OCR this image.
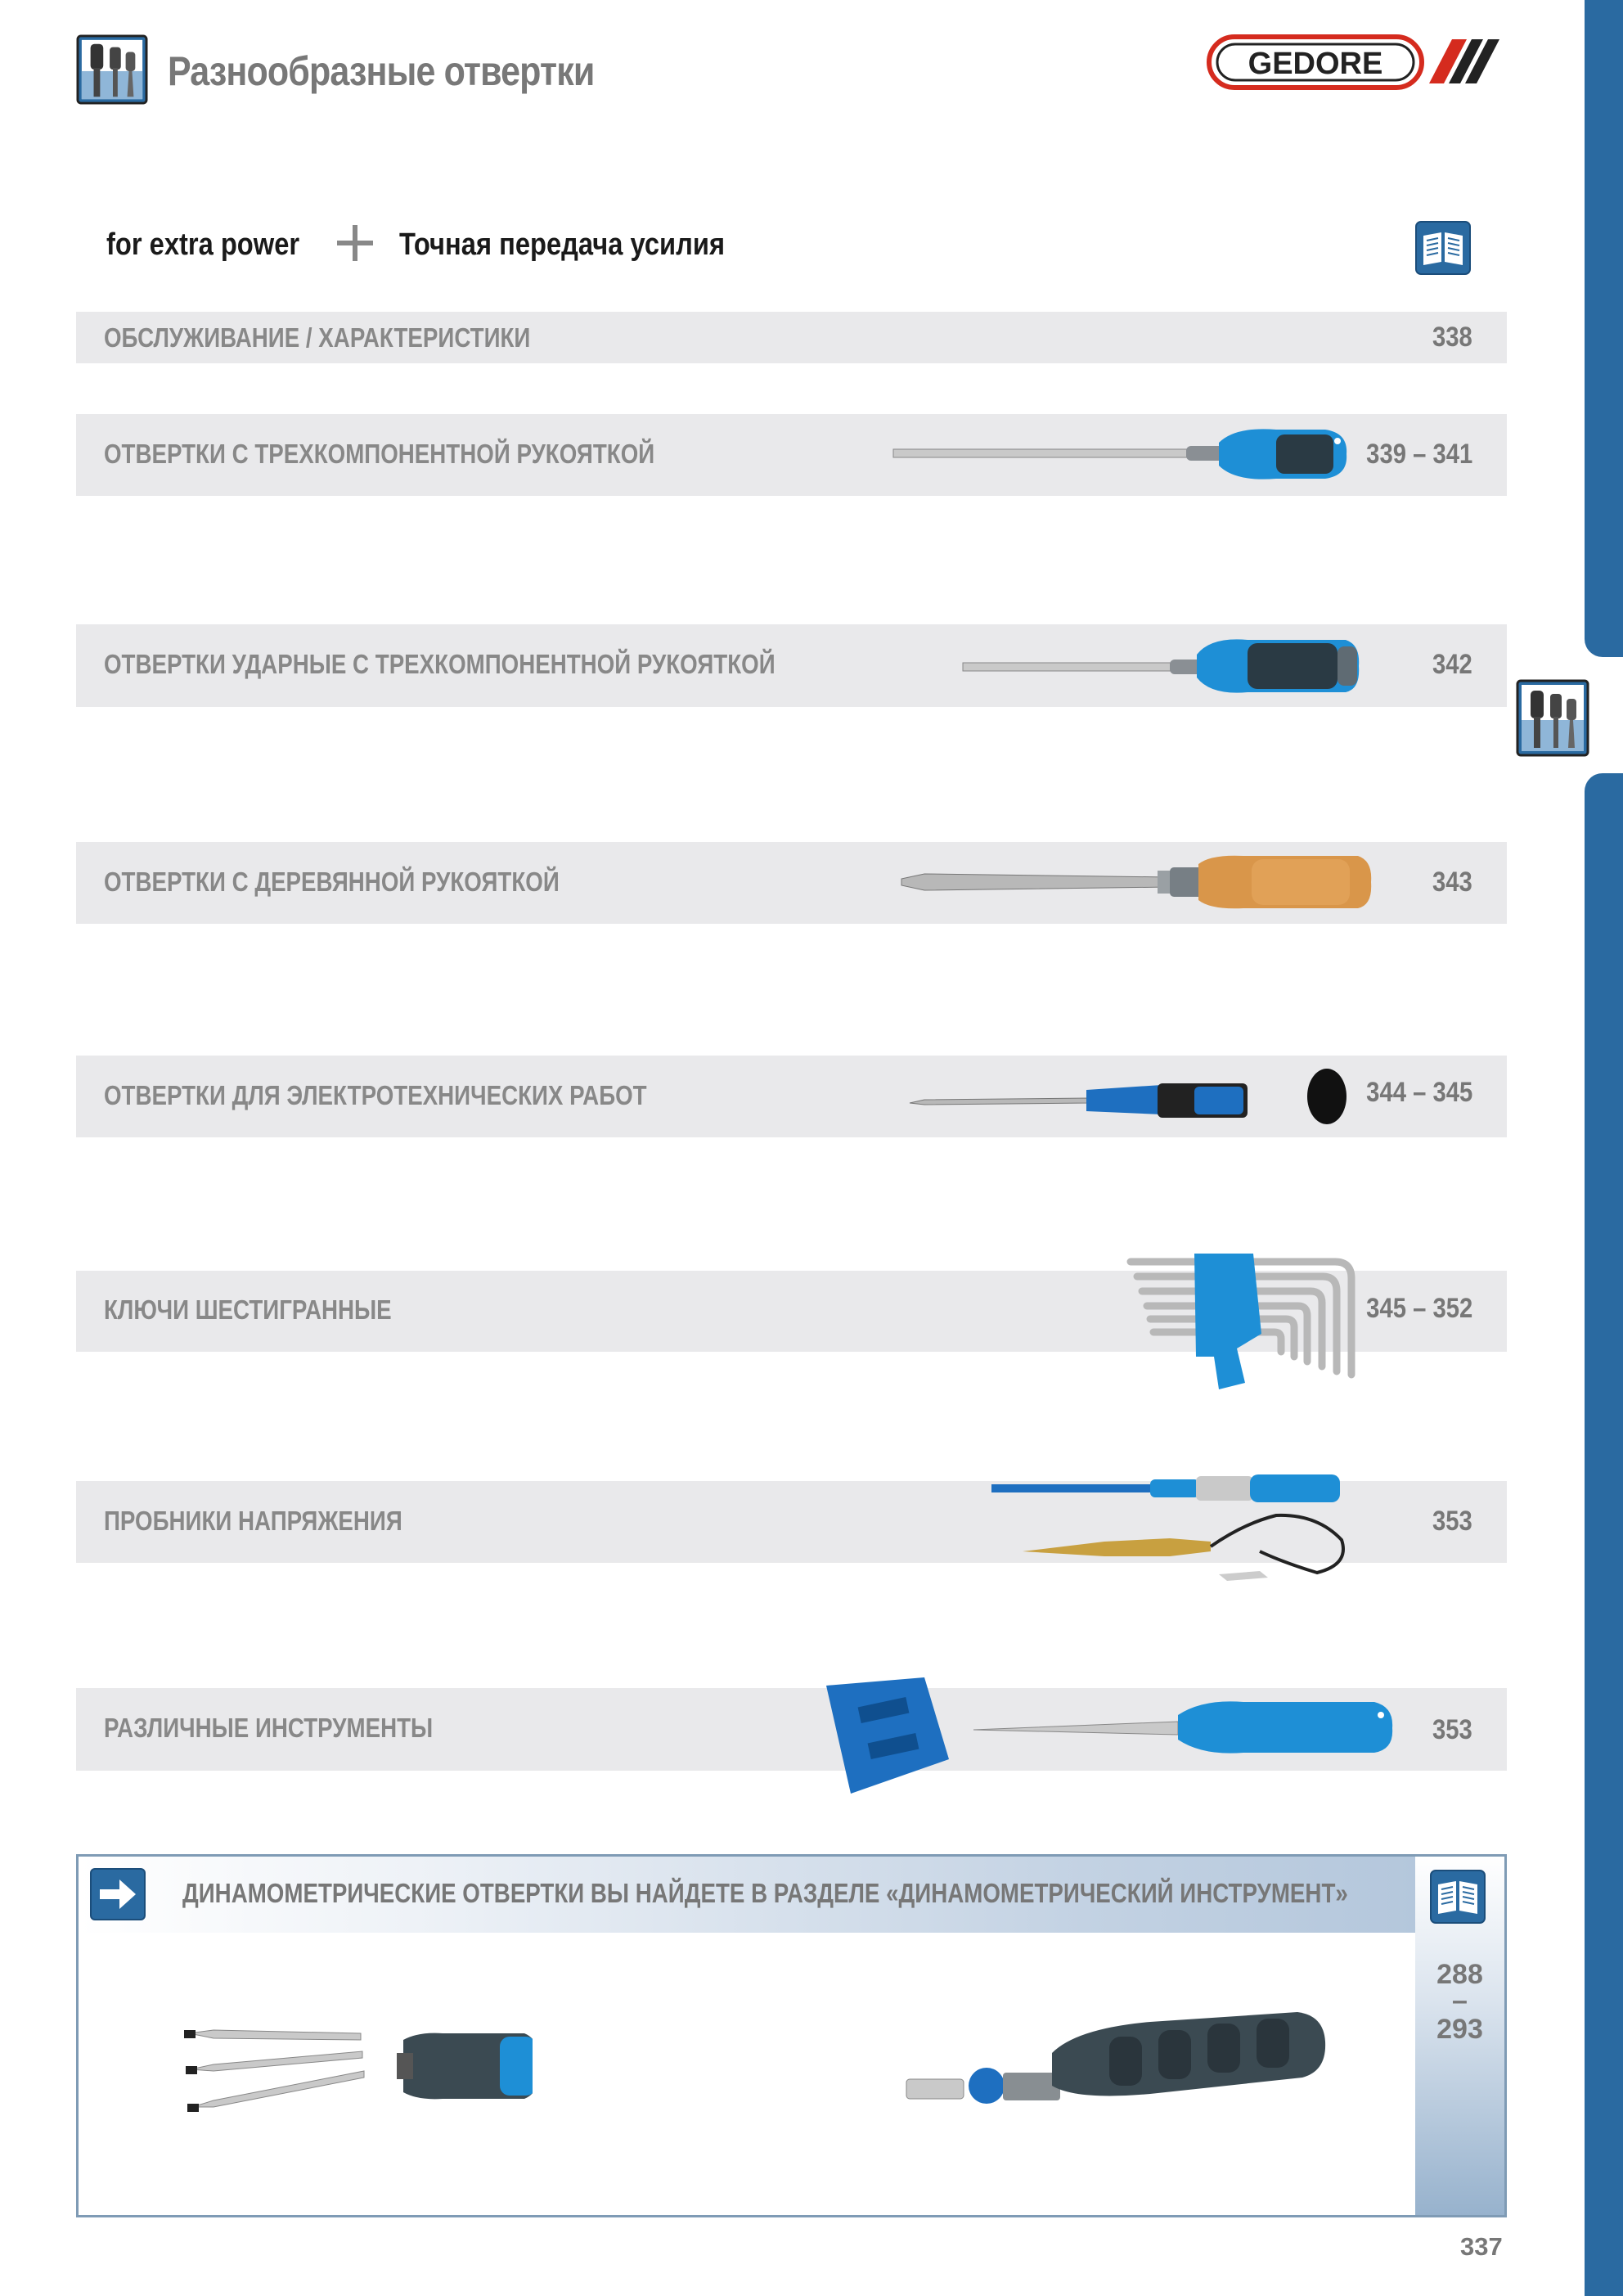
Разнообразные отвертки	GEDORE
for extra power	Точная передача усилия
ОБСЛУЖИВАНИЕ / ХАРАКТЕРИСТИКИ	338
ОТВЕРТКИ С ТРЕХКОМПОНЕНТНОЙ РУКОЯТКОЙ	339 – 341
ОТВЕРТКИ УДАРНЫЕ С ТРЕХКОМПОНЕНТНОЙ РУКОЯТКОЙ	342
ОТВЕРТКИ С ДЕРЕВЯННОЙ РУКОЯТКОЙ	343
ОТВЕРТКИ ДЛЯ ЭЛЕКТРОТЕХНИЧЕСКИХ РАБОТ	344 – 345
КЛЮЧИ ШЕСТИГРАННЫЕ	345 – 352
ПРОБНИКИ НАПРЯЖЕНИЯ	353
РАЗЛИЧНЫЕ ИНСТРУМЕНТЫ	353
ДИНАМОМЕТРИЧЕСКИЕ ОТВЕРТКИ ВЫ НАЙДЕТЕ В РАЗДЕЛЕ «ДИНАМОМЕТРИЧЕСКИЙ ИНСТРУМЕНТ»
288
–
293
337
